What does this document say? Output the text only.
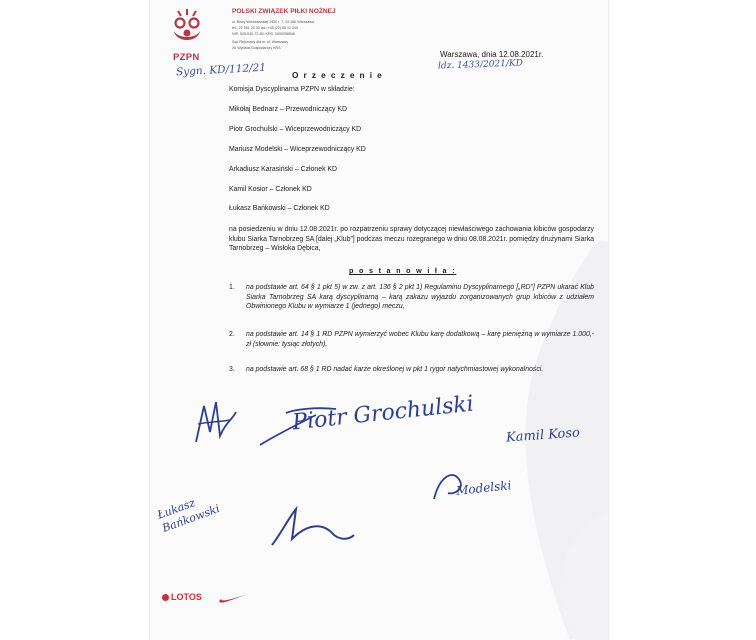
PZPN
POLSKI ZWIĄZEK PIŁKI NOŻNEJ
ul. Bitwy Warszawskiej 1920 r. 7, 02-366 Warszawa
tel.: 22 551 23 00 fax: +48 (22) 55 12 240
NIP: 526-030-72-80, KRS: 0000058546
Sąd Rejonowy dla m. st. Warszawy
XII Wydział Gospodarczy KRS
Sygn. KD/112/21
Warszawa, dnia 12.08.2021r.
ldz. 1433/2021/KD
O r z e c z e n i e
Komisja Dyscyplinarna PZPN w składzie:
Mikołaj Bednarz – Przewodniczący KD
Piotr Grochulski – Wiceprzewodniczący KD
Mariusz Modelski – Wiceprzewodniczący KD
Arkadiusz Karasiński – Członek KD
Kamil Kosior – Członek KD
Łukasz Bańkowski – Członek KD
na posiedzeniu w dniu 12.08.2021r. po rozpatrzeniu sprawy dotyczącej niewłaściwego zachowania kibiców gospodarzy klubu Siarka Tarnobrzeg SA [dalej „Klub”] podczas meczu rozegranego w dniu 08.08.2021r. pomiędzy drużynami Siarka Tarnobrzeg – Wisłoka Dębica,
p o s t a n o w i ł a :
1. na podstawie art. 64 § 1 pkt 5) w zw. z art. 136 § 2 pkt 1) Regulaminu Dyscyplinarnego [„RD”] PZPN ukarać Klub Siarka Tarnobrzeg SA karą dyscyplinarną – karą zakazu wyjazdu zorganizowanych grup kibiców z udziałem Obwinionego Klubu w wymiarze 1 (jednego) meczu,
2. na podstawie art. 14 § 1 RD PZPN wymierzyć wobec Klubu karę dodatkową – karę pieniężną w wymiarze 1.000,- zł (słownie: tysiąc złotych),
3. na podstawie art. 68 § 1 RD nadać karze określonej w pkt 1 rygor natychmiastowej wykonalności.
Piotr Grochulski
Kamil Koso
Łukasz Bańkowski
Modelski
LOTOS
